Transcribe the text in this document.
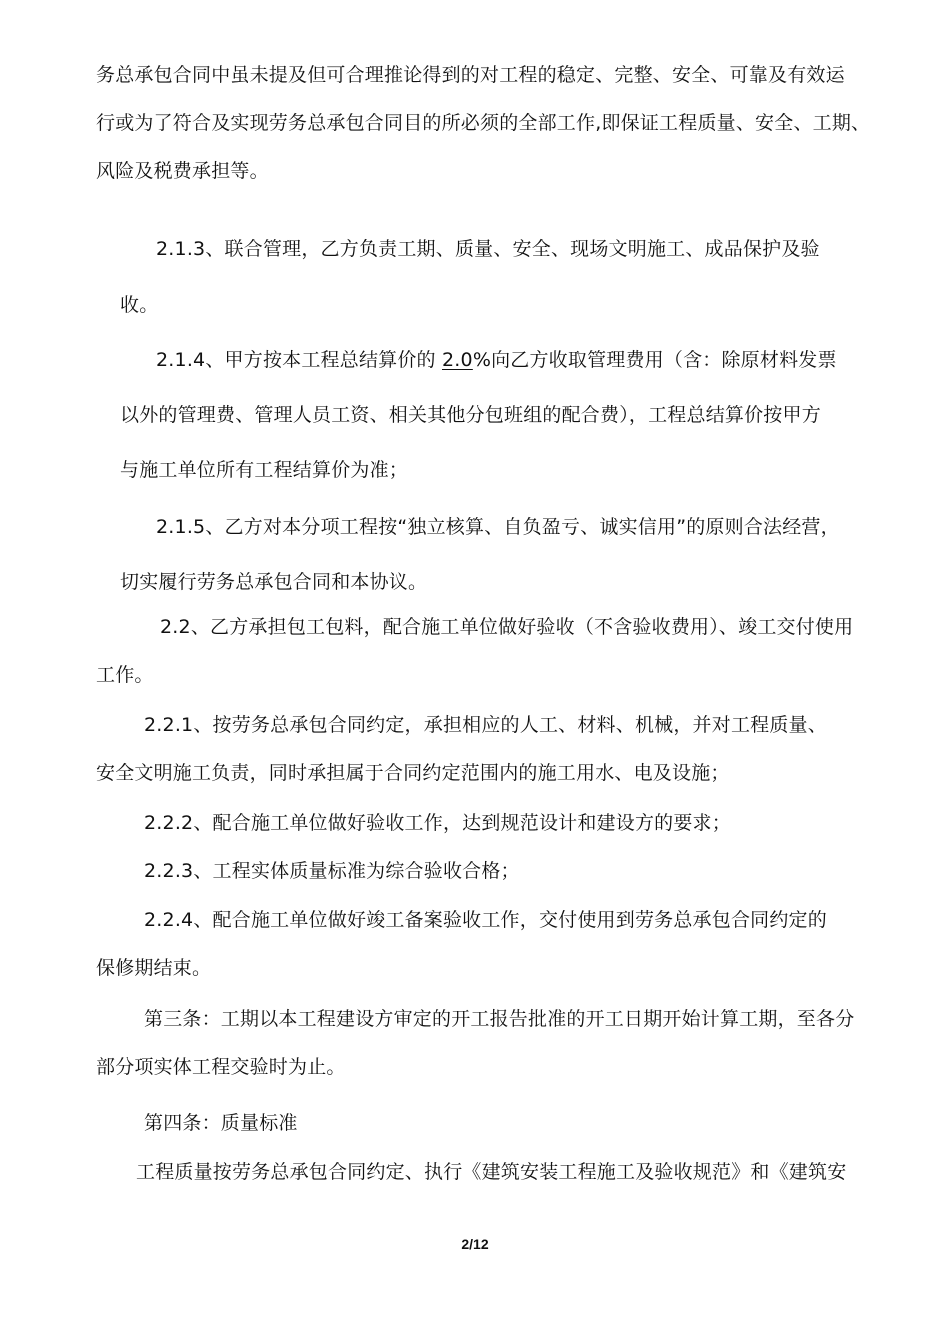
务总承包合同中虽未提及但可合理推论得到的对工程的稳定、完整、安全、可靠及有效运
行或为了符合及实现劳务总承包合同目的所必须的全部工作,即保证工程质量、安全、工期、
风险及税费承担等。
2.1.3、联合管理，乙方负责工期、质量、安全、现场文明施工、成品保护及验
收。
2.1.4、甲方按本工程总结算价的 2.0%向乙方收取管理费用（含：除原材料发票
以外的管理费、管理人员工资、相关其他分包班组的配合费），工程总结算价按甲方
与施工单位所有工程结算价为准；
2.1.5、乙方对本分项工程按“独立核算、自负盈亏、诚实信用”的原则合法经营，
切实履行劳务总承包合同和本协议。
2.2、乙方承担包工包料，配合施工单位做好验收（不含验收费用）、竣工交付使用
工作。
2.2.1、按劳务总承包合同约定，承担相应的人工、材料、机械，并对工程质量、
安全文明施工负责，同时承担属于合同约定范围内的施工用水、电及设施；
2.2.2、配合施工单位做好验收工作，达到规范设计和建设方的要求；
2.2.3、工程实体质量标准为综合验收合格；
2.2.4、配合施工单位做好竣工备案验收工作，交付使用到劳务总承包合同约定的
保修期结束。
第三条：工期以本工程建设方审定的开工报告批准的开工日期开始计算工期，至各分
部分项实体工程交验时为止。
第四条：质量标准
工程质量按劳务总承包合同约定、执行《建筑安装工程施工及验收规范》和《建筑安
2/12
